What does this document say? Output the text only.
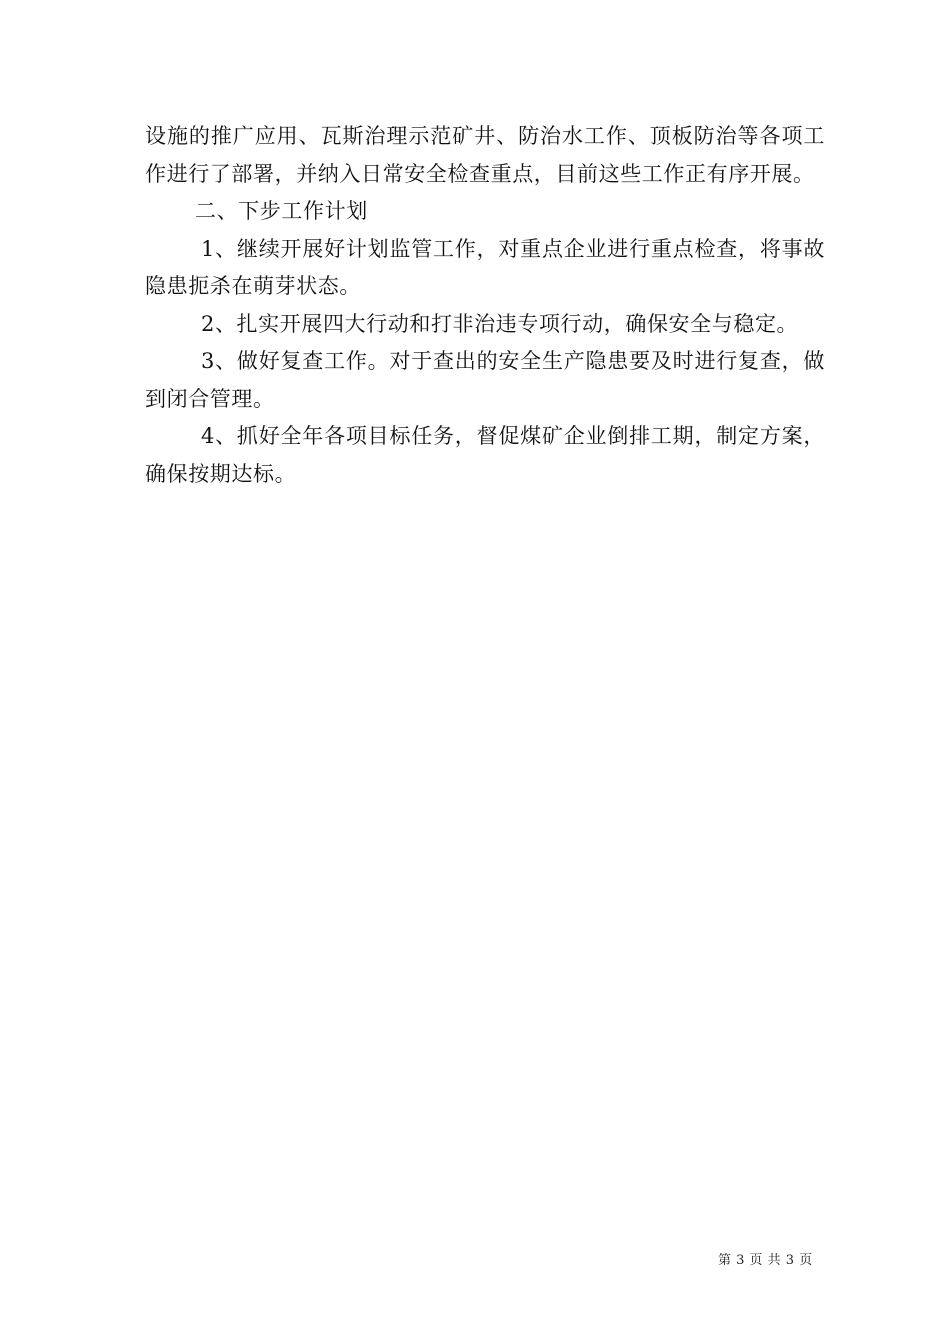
设施的推广应用、瓦斯治理示范矿井、防治水工作、顶板防治等各项工作进行了部署，并纳入日常安全检查重点，目前这些工作正有序开展。

二、下步工作计划

1、继续开展好计划监管工作，对重点企业进行重点检查，将事故隐患扼杀在萌芽状态。

2、扎实开展四大行动和打非治违专项行动，确保安全与稳定。

3、做好复查工作。对于查出的安全生产隐患要及时进行复查，做到闭合管理。

4、抓好全年各项目标任务，督促煤矿企业倒排工期，制定方案，确保按期达标。

第 3 页 共 3 页
